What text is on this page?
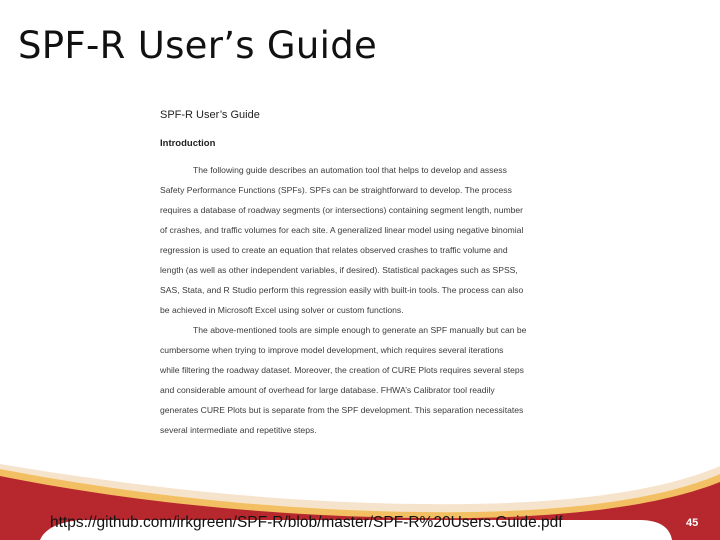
SPF-R User’s Guide
SPF-R User’s Guide
Introduction
The following guide describes an automation tool that helps to develop and assess
Safety Performance Functions (SPFs). SPFs can be straightforward to develop. The process
requires a database of roadway segments (or intersections) containing segment length, number
of crashes, and traffic volumes for each site. A generalized linear model using negative binomial
regression is used to create an equation that relates observed crashes to traffic volume and
length (as well as other independent variables, if desired). Statistical packages such as SPSS,
SAS, Stata, and R Studio perform this regression easily with built-in tools. The process can also
be achieved in Microsoft Excel using solver or custom functions.
The above-mentioned tools are simple enough to generate an SPF manually but can be
cumbersome when trying to improve model development, which requires several iterations
while filtering the roadway dataset. Moreover, the creation of CURE Plots requires several steps
and considerable amount of overhead for large database. FHWA’s Calibrator tool readily
generates CURE Plots but is separate from the SPF development. This separation necessitates
several intermediate and repetitive steps.
https://github.com/irkgreen/SPF-R/blob/master/SPF-R%20Users.Guide.pdf	45
